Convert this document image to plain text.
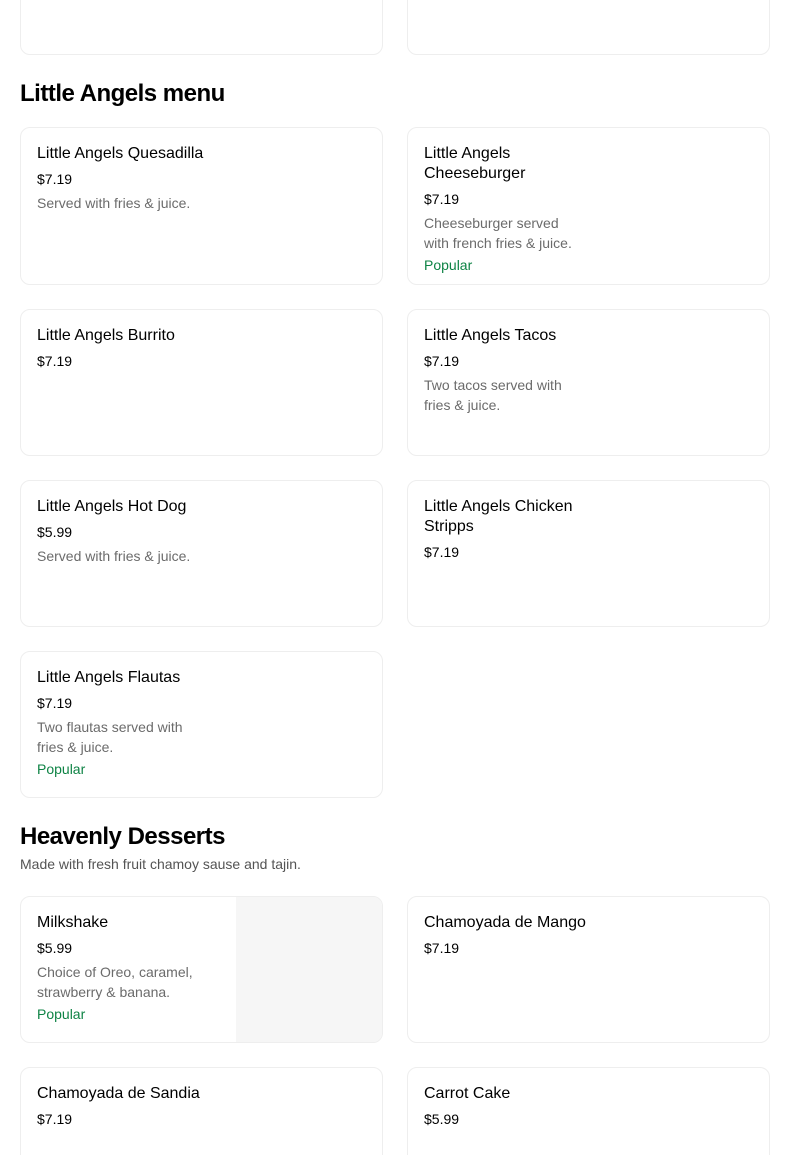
Little Angels menu
Little Angels Quesadilla
$7.19
Served with fries & juice.
Little Angels Cheeseburger
$7.19
Cheeseburger served with french fries & juice.
Popular
Little Angels Burrito
$7.19
Little Angels Tacos
$7.19
Two tacos served with fries & juice.
Little Angels Hot Dog
$5.99
Served with fries & juice.
Little Angels Chicken Stripps
$7.19
Little Angels Flautas
$7.19
Two flautas served with fries & juice.
Popular
Heavenly Desserts

Made with fresh fruit chamoy sause and tajin.

Milkshake
$5.99
Choice of Oreo, caramel, strawberry & banana.
Popular
Chamoyada de Mango
$7.19
Chamoyada de Sandia
$7.19
Carrot Cake
$5.99
